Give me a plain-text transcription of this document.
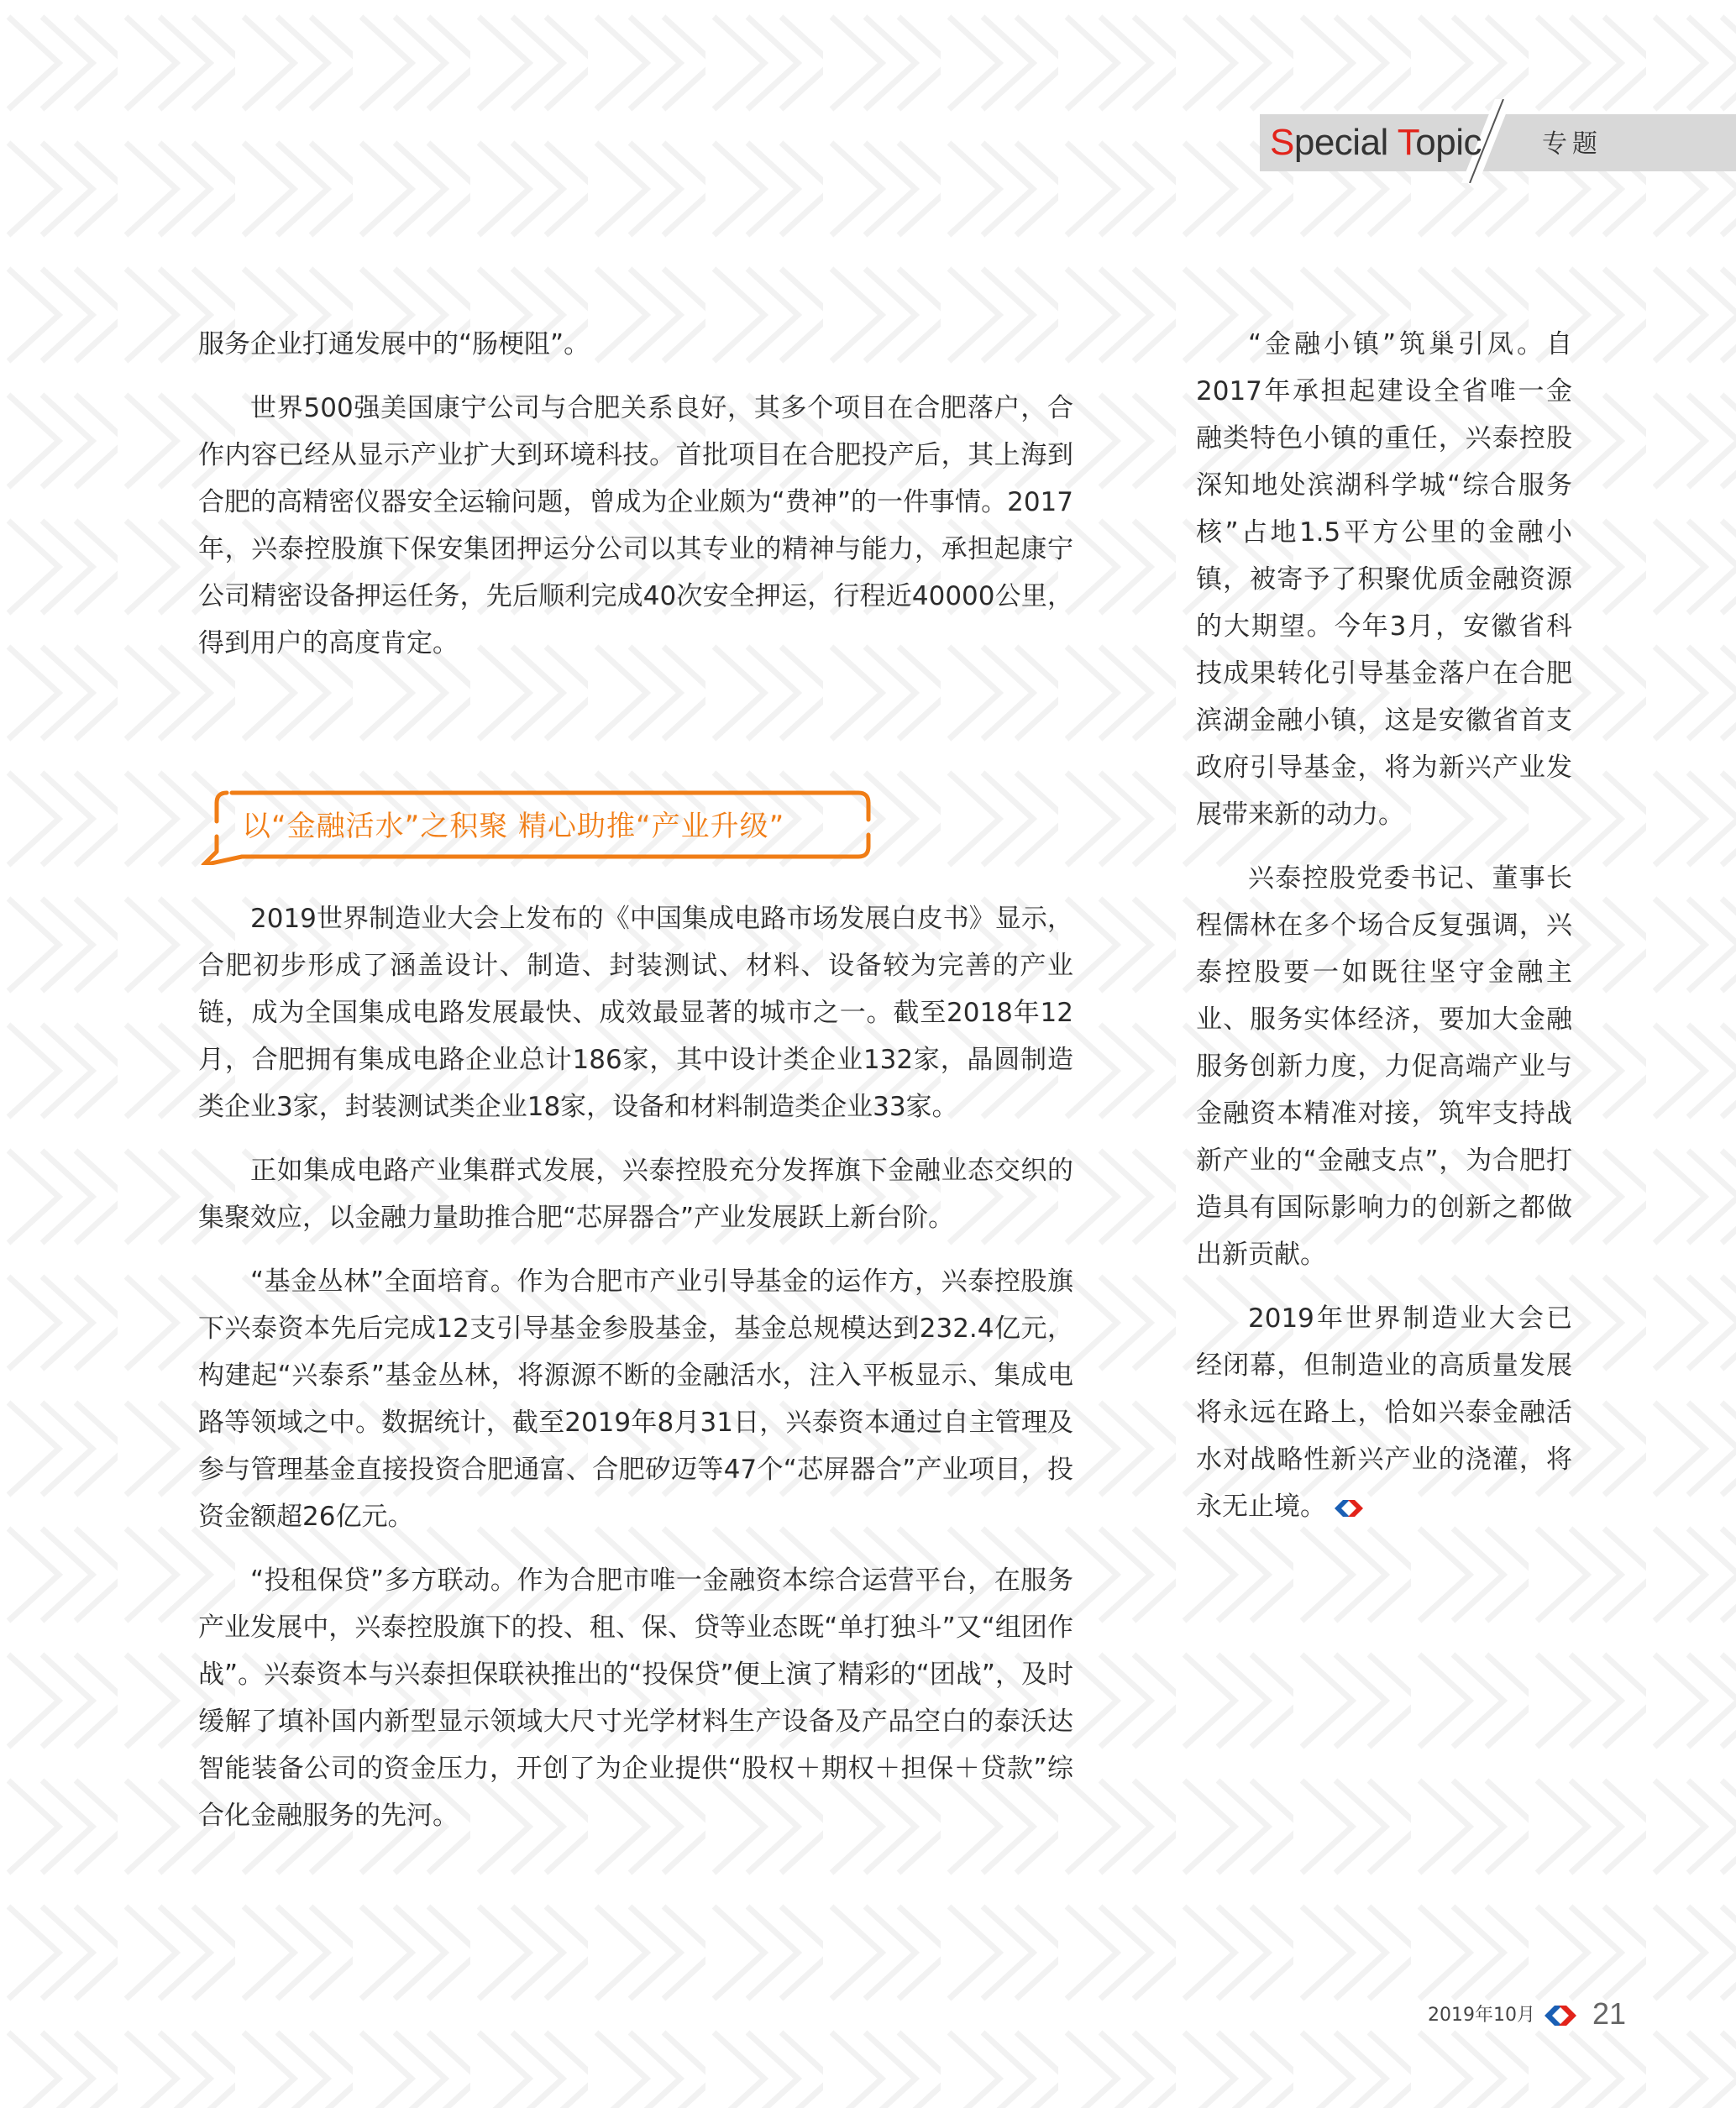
Special Topic 专题

服务企业打通发展中的“肠梗阻”。

世界500强美国康宁公司与合肥关系良好，其多个项目在合肥落户，合作内容已经从显示产业扩大到环境科技。首批项目在合肥投产后，其上海到合肥的高精密仪器安全运输问题，曾成为企业颇为“费神”的一件事情。2017年，兴泰控股旗下保安集团押运分公司以其专业的精神与能力，承担起康宁公司精密设备押运任务，先后顺利完成40次安全押运，行程近40000公里，得到用户的高度肯定。

以“金融活水”之积聚 精心助推“产业升级”

2019世界制造业大会上发布的《中国集成电路市场发展白皮书》显示，合肥初步形成了涵盖设计、制造、封装测试、材料、设备较为完善的产业链，成为全国集成电路发展最快、成效最显著的城市之一。截至2018年12月，合肥拥有集成电路企业总计186家，其中设计类企业132家，晶圆制造类企业3家，封装测试类企业18家，设备和材料制造类企业33家。

正如集成电路产业集群式发展，兴泰控股充分发挥旗下金融业态交织的集聚效应，以金融力量助推合肥“芯屏器合”产业发展跃上新台阶。

“基金丛林”全面培育。作为合肥市产业引导基金的运作方，兴泰控股旗下兴泰资本先后完成12支引导基金参股基金，基金总规模达到232.4亿元，构建起“兴泰系”基金丛林，将源源不断的金融活水，注入平板显示、集成电路等领域之中。数据统计，截至2019年8月31日，兴泰资本通过自主管理及参与管理基金直接投资合肥通富、合肥矽迈等47个“芯屏器合”产业项目，投资金额超26亿元。

“投租保贷”多方联动。作为合肥市唯一金融资本综合运营平台，在服务产业发展中，兴泰控股旗下的投、租、保、贷等业态既“单打独斗”又“组团作战”。兴泰资本与兴泰担保联袂推出的“投保贷”便上演了精彩的“团战”，及时缓解了填补国内新型显示领域大尺寸光学材料生产设备及产品空白的泰沃达智能装备公司的资金压力，开创了为企业提供“股权＋期权＋担保＋贷款”综合化金融服务的先河。

“金融小镇”筑巢引凤。自2017年承担起建设全省唯一金融类特色小镇的重任，兴泰控股深知地处滨湖科学城“综合服务核”占地1.5平方公里的金融小镇，被寄予了积聚优质金融资源的大期望。今年3月，安徽省科技成果转化引导基金落户在合肥滨湖金融小镇，这是安徽省首支政府引导基金，将为新兴产业发展带来新的动力。

兴泰控股党委书记、董事长程儒林在多个场合反复强调，兴泰控股要一如既往坚守金融主业、服务实体经济，要加大金融服务创新力度，力促高端产业与金融资本精准对接，筑牢支持战新产业的“金融支点”，为合肥打造具有国际影响力的创新之都做出新贡献。

2019年世界制造业大会已经闭幕，但制造业的高质量发展将永远在路上，恰如兴泰金融活水对战略性新兴产业的浇灌，将永无止境。

2019年10月 21
